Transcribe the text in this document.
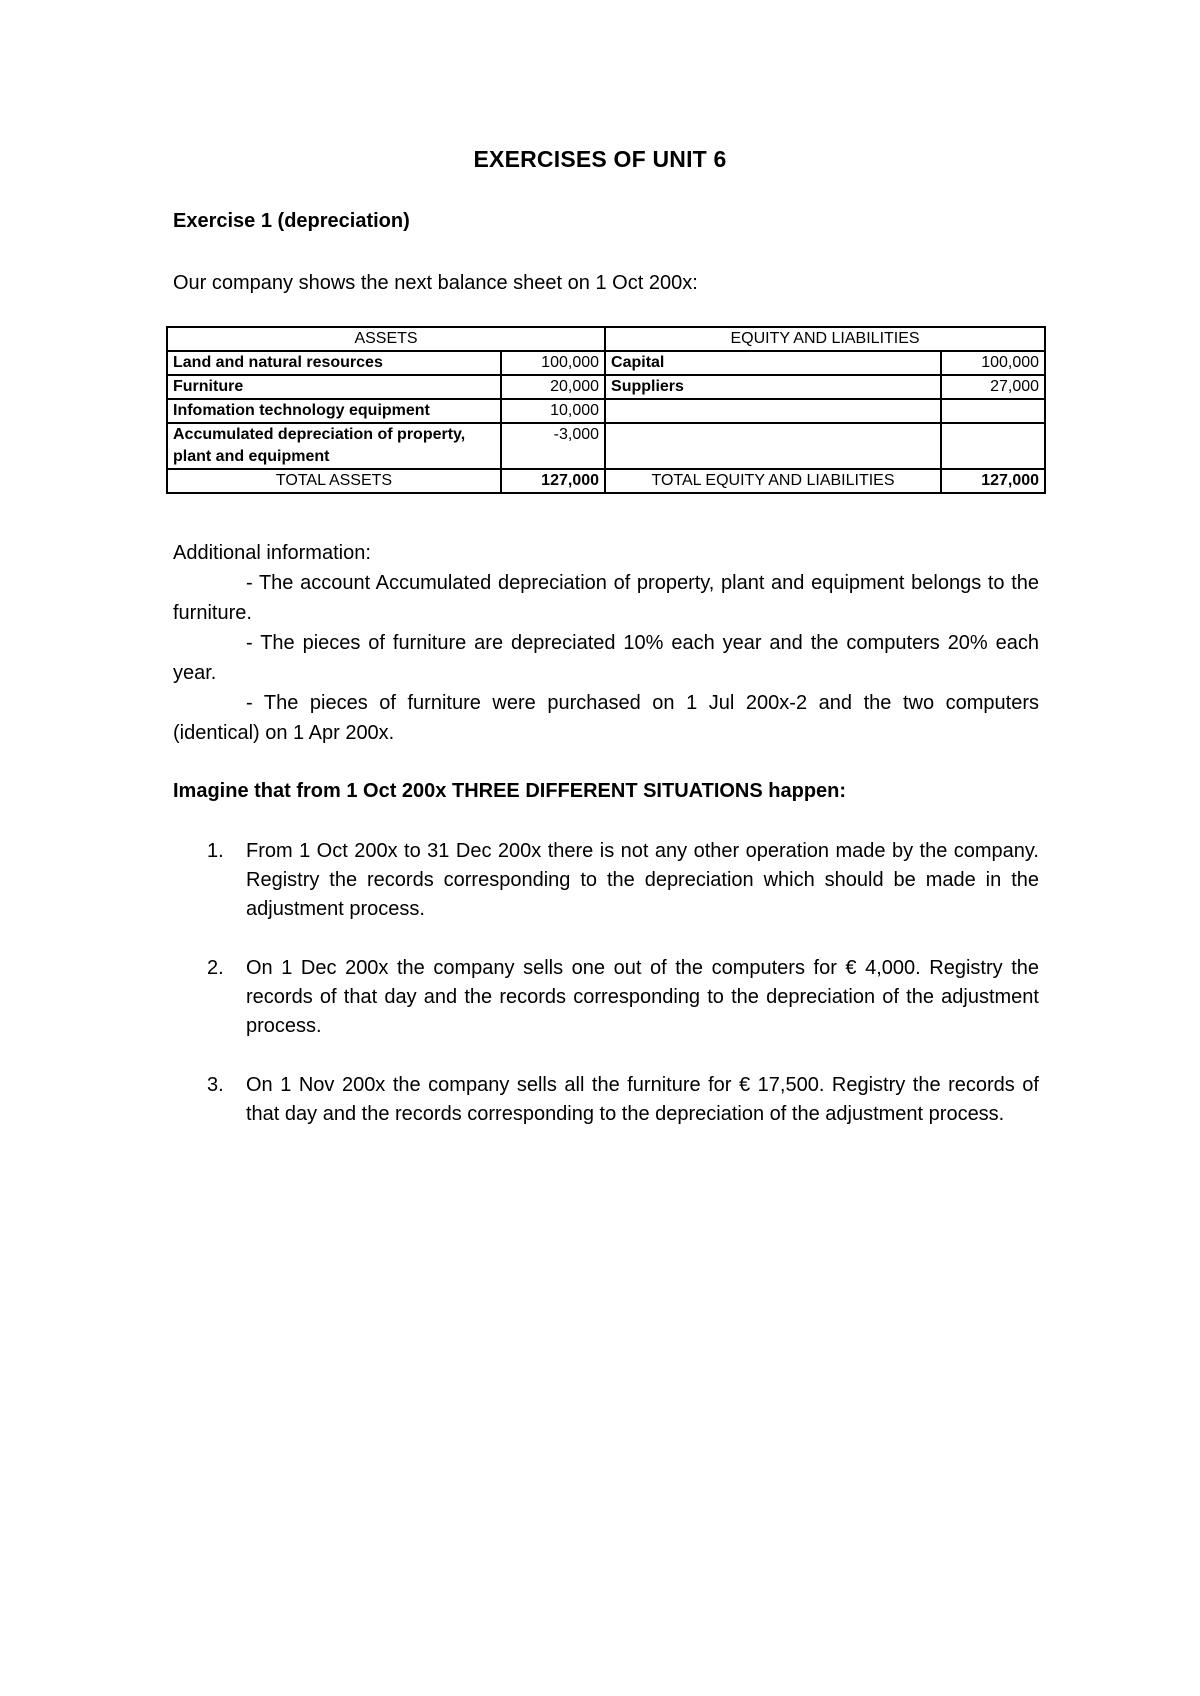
EXERCISES OF UNIT 6
Exercise 1 (depreciation)
Our company shows the next balance sheet on 1 Oct 200x:
ASSETS		EQUITY AND LIABILITIES	
Land and natural resources	100,000	Capital	100,000
Furniture	20,000	Suppliers	27,000
Infomation technology equipment	10,000		
Accumulated depreciation of property, plant and equipment	-3,000		
TOTAL ASSETS	127,000	TOTAL EQUITY AND LIABILITIES	127,000
Additional information:

- The account Accumulated depreciation of property, plant and equipment belongs to the furniture.

- The pieces of furniture are depreciated 10% each year and the computers 20% each year.

- The pieces of furniture were purchased on 1 Jul 200x-2 and the two computers (identical) on 1 Apr 200x.

Imagine that from 1 Oct 200x THREE DIFFERENT SITUATIONS happen:
1. From 1 Oct 200x to 31 Dec 200x there is not any other operation made by the company. Registry the records corresponding to the depreciation which should be made in the adjustment process.
2. On 1 Dec 200x the company sells one out of the computers for € 4,000. Registry the records of that day and the records corresponding to the depreciation of the adjustment process.
3. On 1 Nov 200x the company sells all the furniture for € 17,500. Registry the records of that day and the records corresponding to the depreciation of the adjustment process.
